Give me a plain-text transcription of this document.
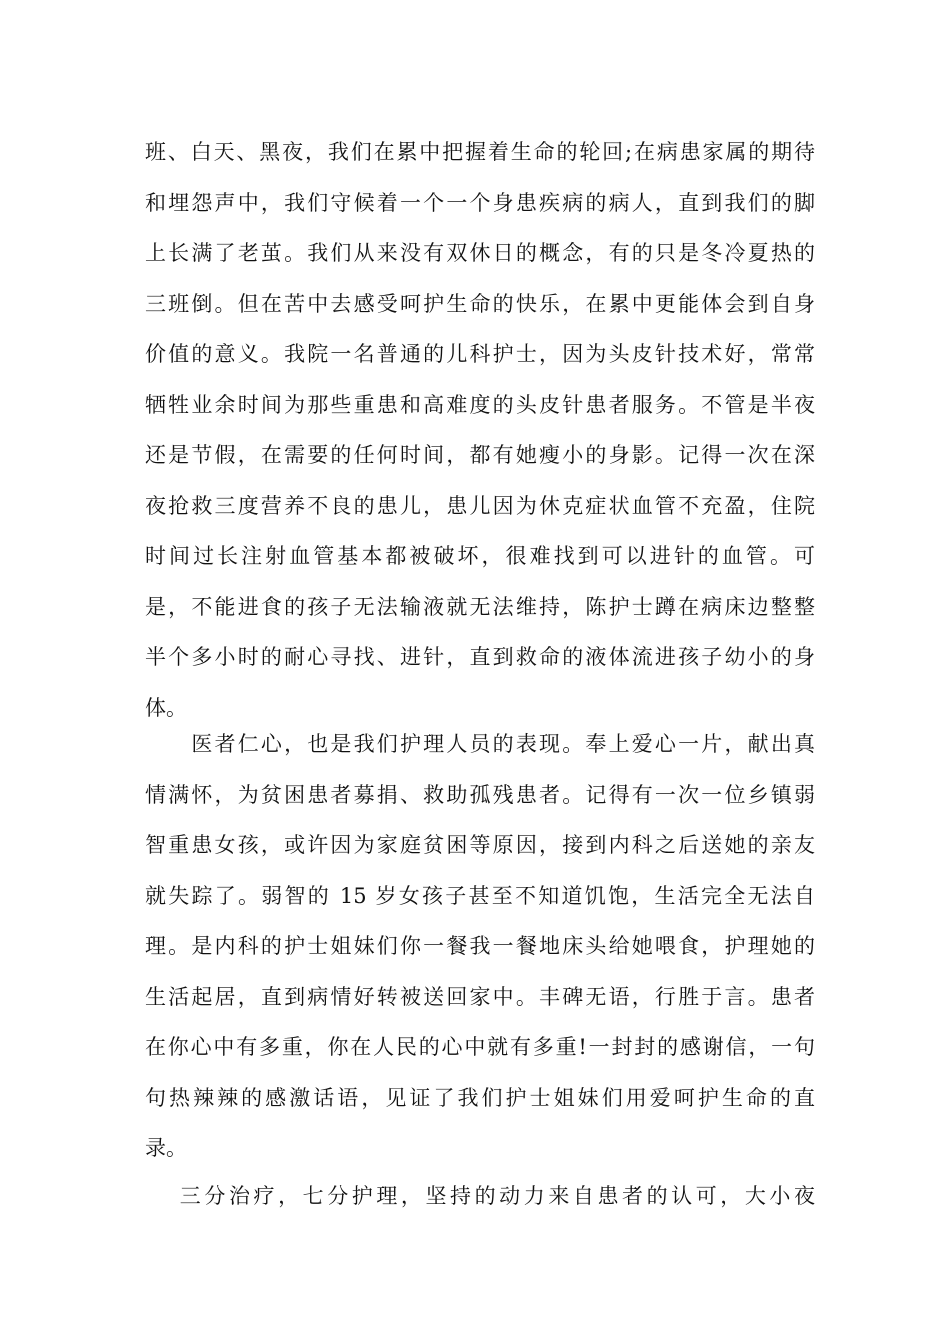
班、白天、黑夜，我们在累中把握着生命的轮回;在病患家属的期待
和埋怨声中，我们守候着一个一个身患疾病的病人，直到我们的脚
上长满了老茧。我们从来没有双休日的概念，有的只是冬冷夏热的
三班倒。但在苦中去感受呵护生命的快乐，在累中更能体会到自身
价值的意义。我院一名普通的儿科护士，因为头皮针技术好，常常
牺牲业余时间为那些重患和高难度的头皮针患者服务。不管是半夜
还是节假，在需要的任何时间，都有她瘦小的身影。记得一次在深
夜抢救三度营养不良的患儿，患儿因为休克症状血管不充盈，住院
时间过长注射血管基本都被破坏，很难找到可以进针的血管。可
是，不能进食的孩子无法输液就无法维持，陈护士蹲在病床边整整
半个多小时的耐心寻找、进针，直到救命的液体流进孩子幼小的身
体。
　　医者仁心，也是我们护理人员的表现。奉上爱心一片，献出真
情满怀，为贫困患者募捐、救助孤残患者。记得有一次一位乡镇弱
智重患女孩，或许因为家庭贫困等原因，接到内科之后送她的亲友
就失踪了。弱智的 15 岁女孩子甚至不知道饥饱，生活完全无法自
理。是内科的护士姐妹们你一餐我一餐地床头给她喂食，护理她的
生活起居，直到病情好转被送回家中。丰碑无语，行胜于言。患者
在你心中有多重，你在人民的心中就有多重!一封封的感谢信，一句
句热辣辣的感激话语，见证了我们护士姐妹们用爱呵护生命的直
录。
　 三分治疗，七分护理，坚持的动力来自患者的认可，大小夜
